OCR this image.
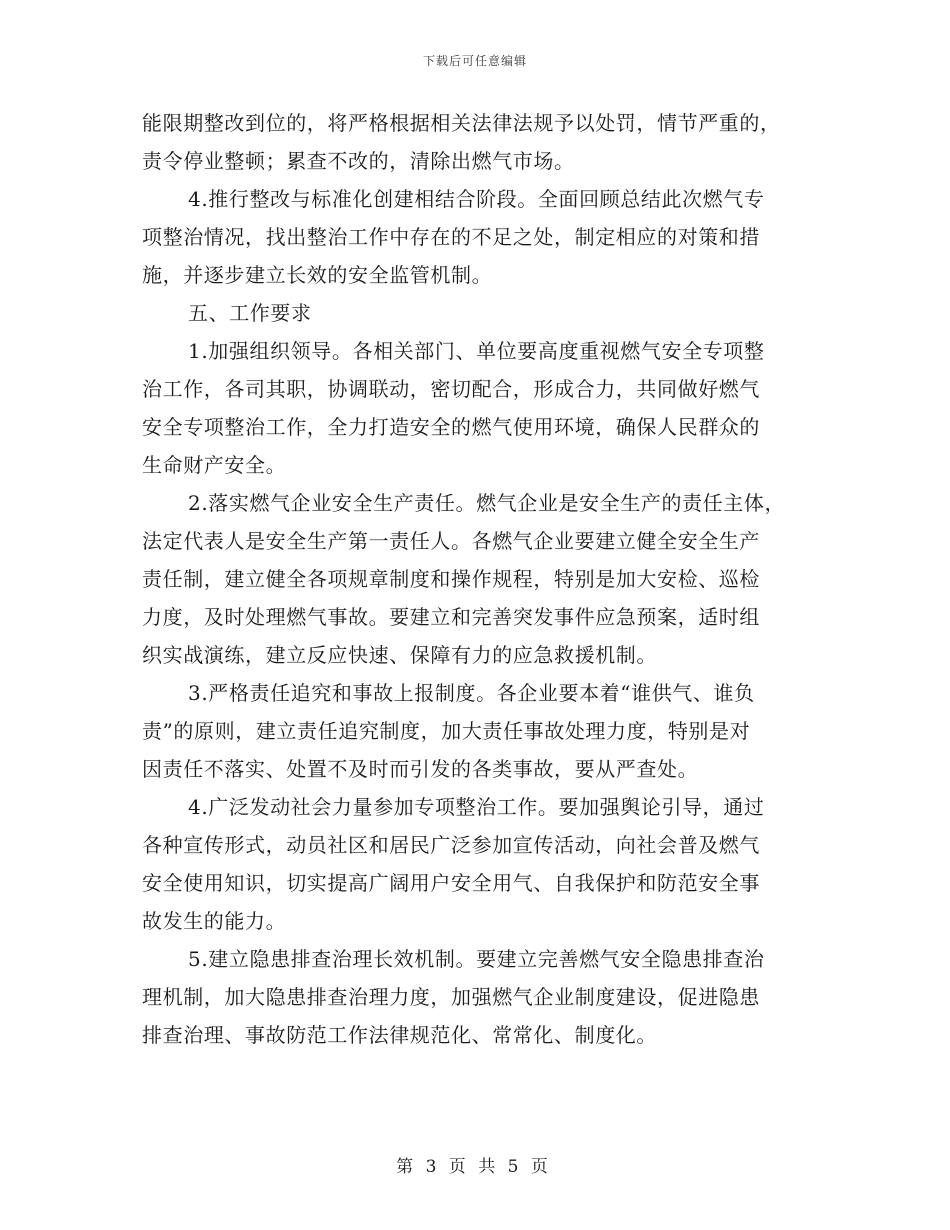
下载后可任意编辑
能限期整改到位的，将严格根据相关法律法规予以处罚，情节严重的，
责令停业整顿；累查不改的，清除出燃气市场。
4.推行整改与标准化创建相结合阶段。全面回顾总结此次燃气专
项整治情况，找出整治工作中存在的不足之处，制定相应的对策和措
施，并逐步建立长效的安全监管机制。
五、工作要求
1.加强组织领导。各相关部门、单位要高度重视燃气安全专项整
治工作，各司其职，协调联动，密切配合，形成合力，共同做好燃气
安全专项整治工作，全力打造安全的燃气使用环境，确保人民群众的
生命财产安全。
2.落实燃气企业安全生产责任。燃气企业是安全生产的责任主体，
法定代表人是安全生产第一责任人。各燃气企业要建立健全安全生产
责任制，建立健全各项规章制度和操作规程，特别是加大安检、巡检
力度，及时处理燃气事故。要建立和完善突发事件应急预案，适时组
织实战演练，建立反应快速、保障有力的应急救援机制。
3.严格责任追究和事故上报制度。各企业要本着“谁供气、谁负
责”的原则，建立责任追究制度，加大责任事故处理力度，特别是对
因责任不落实、处置不及时而引发的各类事故，要从严查处。
4.广泛发动社会力量参加专项整治工作。要加强舆论引导，通过
各种宣传形式，动员社区和居民广泛参加宣传活动，向社会普及燃气
安全使用知识，切实提高广阔用户安全用气、自我保护和防范安全事
故发生的能力。
5.建立隐患排查治理长效机制。要建立完善燃气安全隐患排查治
理机制，加大隐患排查治理力度，加强燃气企业制度建设，促进隐患
排查治理、事故防范工作法律规范化、常常化、制度化。
第 3 页 共 5 页
